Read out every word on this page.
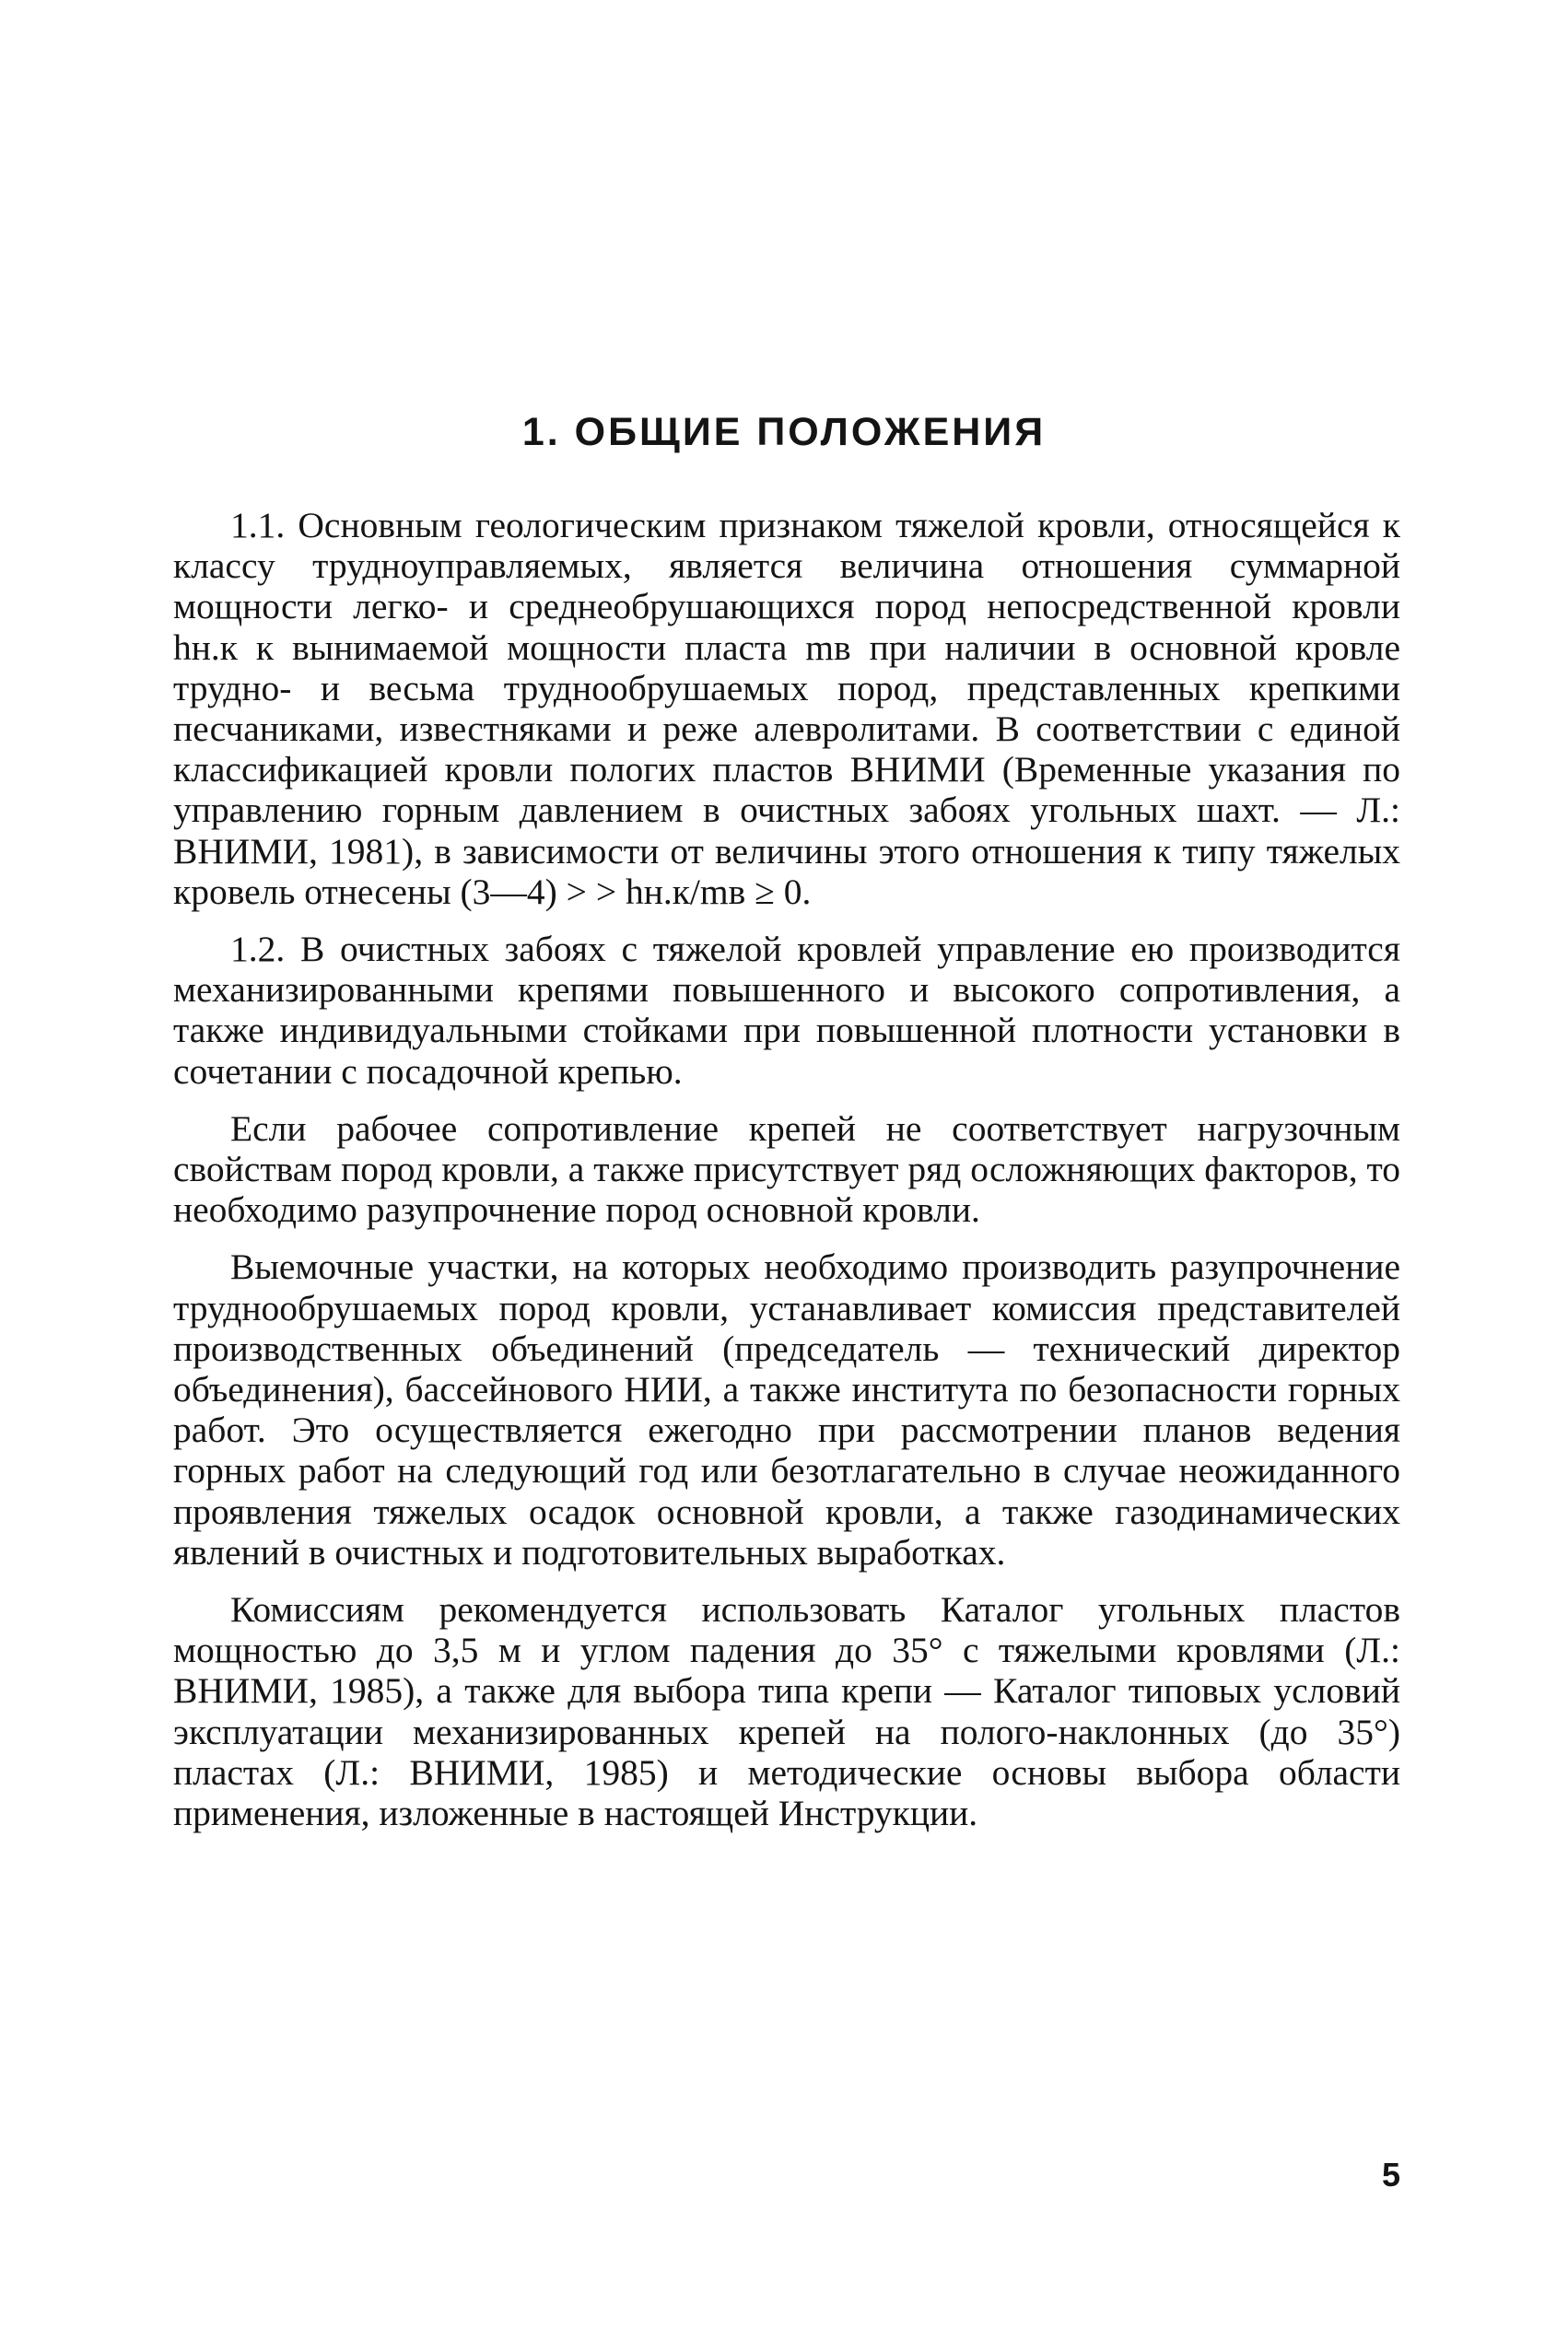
1. ОБЩИЕ ПОЛОЖЕНИЯ

1.1. Основным геологическим признаком тяжелой кровли, относящейся к классу трудноуправляемых, является величина отношения суммарной мощности легко- и среднеобрушающихся пород непосредственной кровли hн.к к вынимаемой мощности пласта mв при наличии в основной кровле трудно- и весьма труднообрушаемых пород, представленных крепкими песчаниками, известняками и реже алевролитами. В соответствии с единой классификацией кровли пологих пластов ВНИМИ (Временные указания по управлению горным давлением в очистных забоях угольных шахт. — Л.: ВНИМИ, 1981), в зависимости от величины этого отношения к типу тяжелых кровель отнесены (3—4) > > hн.к/mв ≥ 0.

1.2. В очистных забоях с тяжелой кровлей управление ею производится механизированными крепями повышенного и высокого сопротивления, а также индивидуальными стойками при повышенной плотности установки в сочетании с посадочной крепью.

Если рабочее сопротивление крепей не соответствует нагрузочным свойствам пород кровли, а также присутствует ряд осложняющих факторов, то необходимо разупрочнение пород основной кровли.

Выемочные участки, на которых необходимо производить разупрочнение труднообрушаемых пород кровли, устанавливает комиссия представителей производственных объединений (председатель — технический директор объединения), бассейнового НИИ, а также института по безопасности горных работ. Это осуществляется ежегодно при рассмотрении планов ведения горных работ на следующий год или безотлагательно в случае неожиданного проявления тяжелых осадок основной кровли, а также газодинамических явлений в очистных и подготовительных выработках.

Комиссиям рекомендуется использовать Каталог угольных пластов мощностью до 3,5 м и углом падения до 35° с тяжелыми кровлями (Л.: ВНИМИ, 1985), а также для выбора типа крепи — Каталог типовых условий эксплуатации механизированных крепей на полого-наклонных (до 35°) пластах (Л.: ВНИМИ, 1985) и методические основы выбора области применения, изложенные в настоящей Инструкции.

5
